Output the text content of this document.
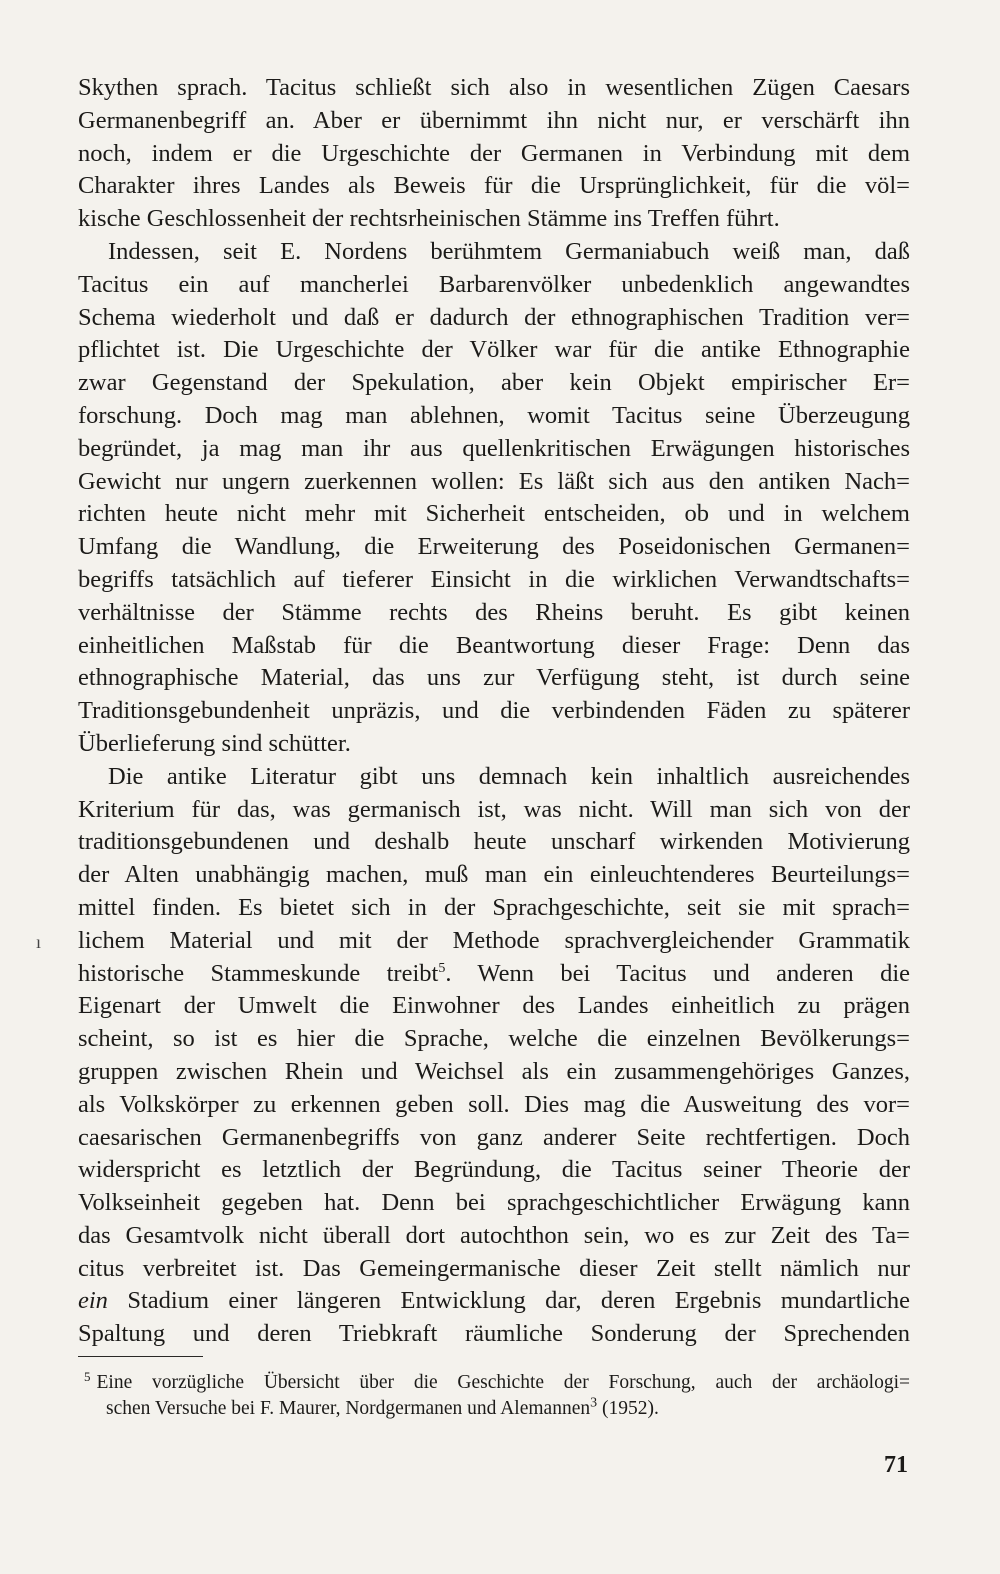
Skythen sprach. Tacitus schließt sich also in wesentlichen Zügen Caesars
Germanenbegriff an. Aber er übernimmt ihn nicht nur, er verschärft ihn
noch, indem er die Urgeschichte der Germanen in Verbindung mit dem
Charakter ihres Landes als Beweis für die Ursprünglichkeit, für die völ=
kische Geschlossenheit der rechtsrheinischen Stämme ins Treffen führt.
Indessen, seit E. Nordens berühmtem Germaniabuch weiß man, daß
Tacitus ein auf mancherlei Barbarenvölker unbedenklich angewandtes
Schema wiederholt und daß er dadurch der ethnographischen Tradition ver=
pflichtet ist. Die Urgeschichte der Völker war für die antike Ethnographie
zwar Gegenstand der Spekulation, aber kein Objekt empirischer Er=
forschung. Doch mag man ablehnen, womit Tacitus seine Überzeugung
begründet, ja mag man ihr aus quellenkritischen Erwägungen historisches
Gewicht nur ungern zuerkennen wollen: Es läßt sich aus den antiken Nach=
richten heute nicht mehr mit Sicherheit entscheiden, ob und in welchem
Umfang die Wandlung, die Erweiterung des Poseidonischen Germanen=
begriffs tatsächlich auf tieferer Einsicht in die wirklichen Verwandtschafts=
verhältnisse der Stämme rechts des Rheins beruht. Es gibt keinen
einheitlichen Maßstab für die Beantwortung dieser Frage: Denn das
ethnographische Material, das uns zur Verfügung steht, ist durch seine
Traditionsgebundenheit unpräzis, und die verbindenden Fäden zu späterer
Überlieferung sind schütter.
Die antike Literatur gibt uns demnach kein inhaltlich ausreichendes
Kriterium für das, was germanisch ist, was nicht. Will man sich von der
traditionsgebundenen und deshalb heute unscharf wirkenden Motivierung
der Alten unabhängig machen, muß man ein einleuchtenderes Beurteilungs=
mittel finden. Es bietet sich in der Sprachgeschichte, seit sie mit sprach=
lichem Material und mit der Methode sprachvergleichender Grammatik
historische Stammeskunde treibt$^5$. Wenn bei Tacitus und anderen die
Eigenart der Umwelt die Einwohner des Landes einheitlich zu prägen
scheint, so ist es hier die Sprache, welche die einzelnen Bevölkerungs=
gruppen zwischen Rhein und Weichsel als ein zusammengehöriges Ganzes,
als Volkskörper zu erkennen geben soll. Dies mag die Ausweitung des vor=
caesarischen Germanenbegriffs von ganz anderer Seite rechtfertigen. Doch
widerspricht es letztlich der Begründung, die Tacitus seiner Theorie der
Volkseinheit gegeben hat. Denn bei sprachgeschichtlicher Erwägung kann
das Gesamtvolk nicht überall dort autochthon sein, wo es zur Zeit des Ta=
citus verbreitet ist. Das Gemeingermanische dieser Zeit stellt nämlich nur
ein Stadium einer längeren Entwicklung dar, deren Ergebnis mundartliche
Spaltung und deren Triebkraft räumliche Sonderung der Sprechenden
$^5$ Eine vorzügliche Übersicht über die Geschichte der Forschung, auch der archäologi=
schen Versuche bei F. Maurer, Nordgermanen und Alemannen$^3$ (1952).
ı
71
